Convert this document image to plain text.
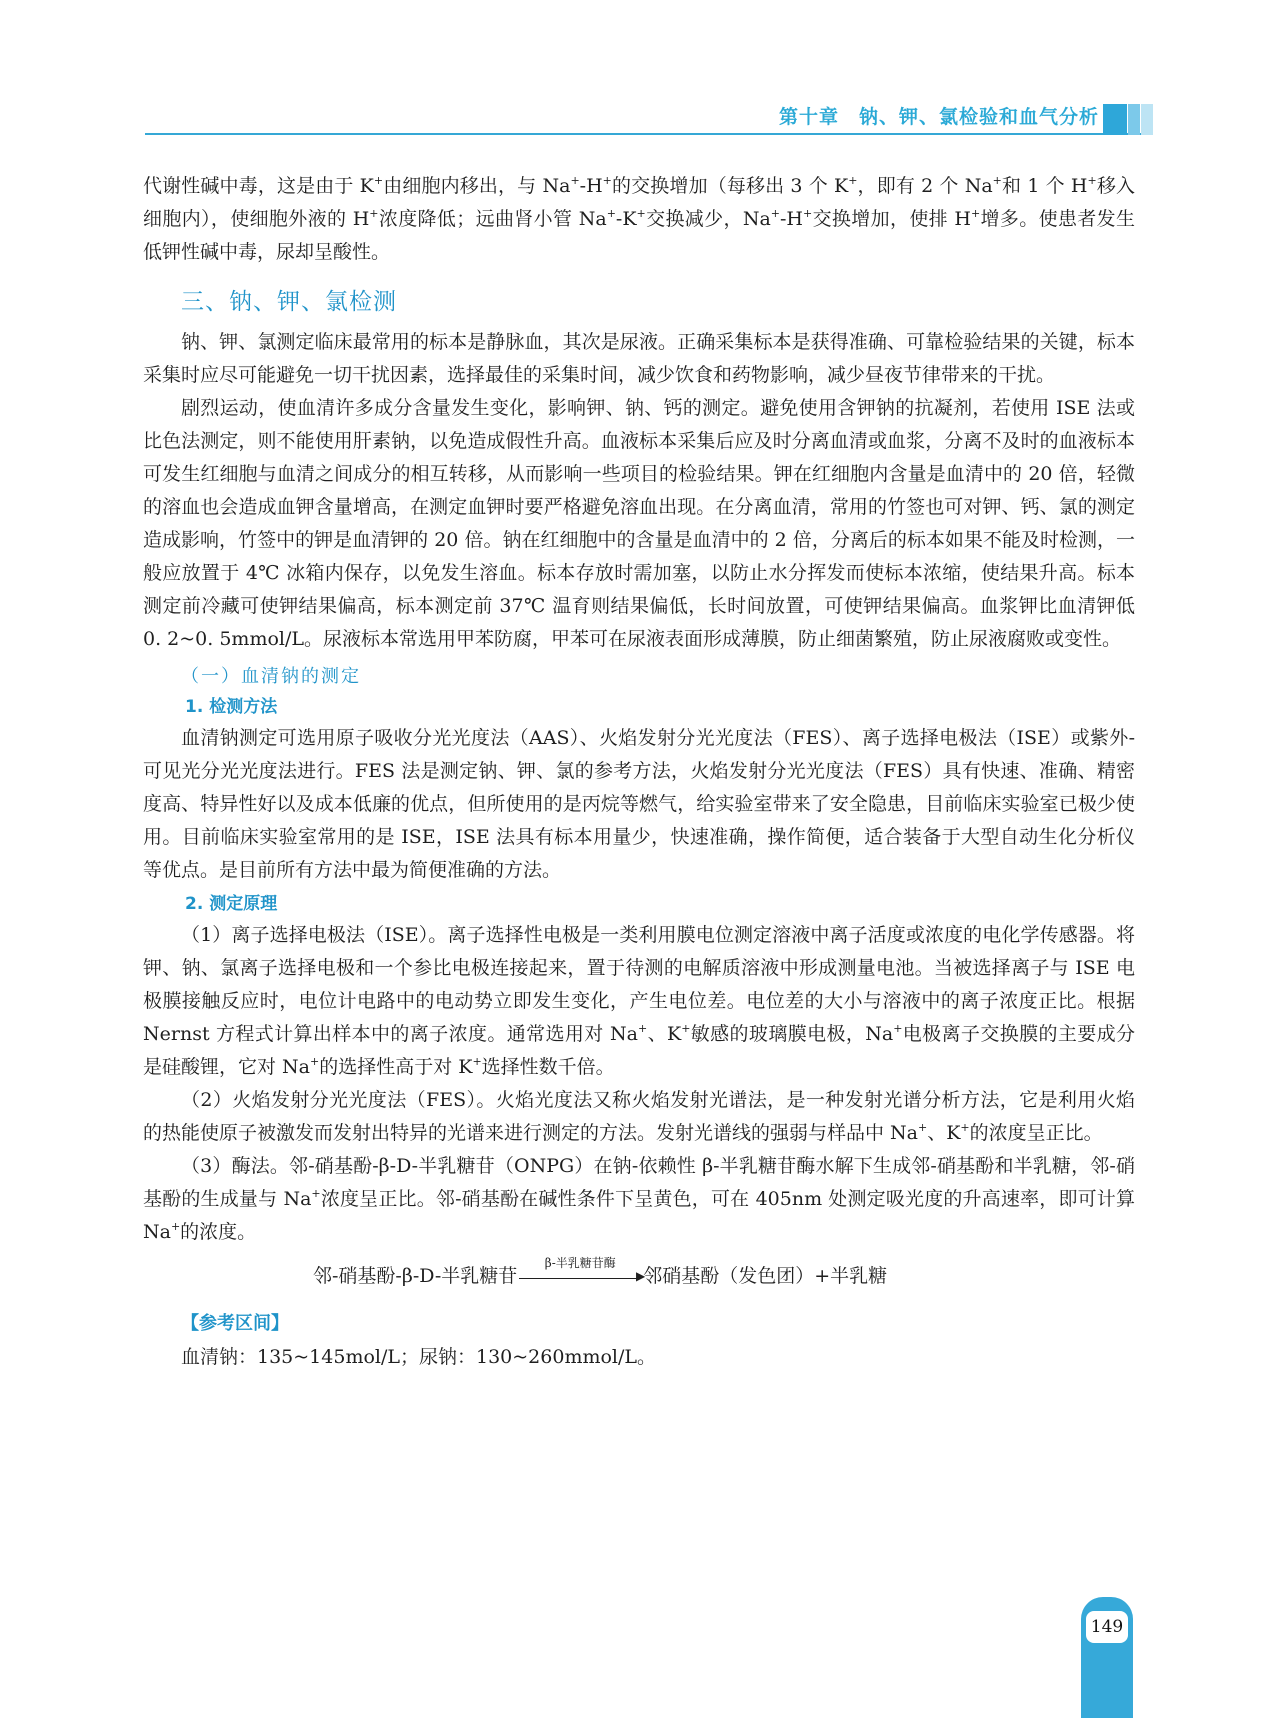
第十章　钠、钾、氯检验和血气分析

代谢性碱中毒，这是由于 K+由细胞内移出，与 Na+-H+的交换增加（每移出 3 个 K+，即有 2 个 Na+和 1 个 H+移入细胞内），使细胞外液的 H+浓度降低；远曲肾小管 Na+-K+交换减少，Na+-H+交换增加，使排 H+增多。使患者发生低钾性碱中毒，尿却呈酸性。

三、钠、钾、氯检测

钠、钾、氯测定临床最常用的标本是静脉血，其次是尿液。正确采集标本是获得准确、可靠检验结果的关键，标本采集时应尽可能避免一切干扰因素，选择最佳的采集时间，减少饮食和药物影响，减少昼夜节律带来的干扰。

剧烈运动，使血清许多成分含量发生变化，影响钾、钠、钙的测定。避免使用含钾钠的抗凝剂，若使用 ISE 法或比色法测定，则不能使用肝素钠，以免造成假性升高。血液标本采集后应及时分离血清或血浆，分离不及时的血液标本可发生红细胞与血清之间成分的相互转移，从而影响一些项目的检验结果。钾在红细胞内含量是血清中的 20 倍，轻微的溶血也会造成血钾含量增高，在测定血钾时要严格避免溶血出现。在分离血清，常用的竹签也可对钾、钙、氯的测定造成影响，竹签中的钾是血清钾的 20 倍。钠在红细胞中的含量是血清中的 2 倍，分离后的标本如果不能及时检测，一般应放置于 4℃ 冰箱内保存，以免发生溶血。标本存放时需加塞，以防止水分挥发而使标本浓缩，使结果升高。标本测定前冷藏可使钾结果偏高，标本测定前 37℃ 温育则结果偏低，长时间放置，可使钾结果偏高。血浆钾比血清钾低 0. 2~0. 5mmol/L。尿液标本常选用甲苯防腐，甲苯可在尿液表面形成薄膜，防止细菌繁殖，防止尿液腐败或变性。

（一）血清钠的测定
1. 检测方法

血清钠测定可选用原子吸收分光光度法（AAS）、火焰发射分光光度法（FES）、离子选择电极法（ISE）或紫外-可见光分光光度法进行。FES 法是测定钠、钾、氯的参考方法，火焰发射分光光度法（FES）具有快速、准确、精密度高、特异性好以及成本低廉的优点，但所使用的是丙烷等燃气，给实验室带来了安全隐患，目前临床实验室已极少使用。目前临床实验室常用的是 ISE，ISE 法具有标本用量少，快速准确，操作简便，适合装备于大型自动生化分析仪等优点。是目前所有方法中最为简便准确的方法。

2. 测定原理

（1）离子选择电极法（ISE）。离子选择性电极是一类利用膜电位测定溶液中离子活度或浓度的电化学传感器。将钾、钠、氯离子选择电极和一个参比电极连接起来，置于待测的电解质溶液中形成测量电池。当被选择离子与 ISE 电极膜接触反应时，电位计电路中的电动势立即发生变化，产生电位差。电位差的大小与溶液中的离子浓度正比。根据 Nernst 方程式计算出样本中的离子浓度。通常选用对 Na+、K+敏感的玻璃膜电极，Na+电极离子交换膜的主要成分是硅酸锂，它对 Na+的选择性高于对 K+选择性数千倍。

（2）火焰发射分光光度法（FES）。火焰光度法又称火焰发射光谱法，是一种发射光谱分析方法，它是利用火焰的热能使原子被激发而发射出特异的光谱来进行测定的方法。发射光谱线的强弱与样品中 Na+、K+的浓度呈正比。

（3）酶法。邻-硝基酚-β-D-半乳糖苷（ONPG）在钠-依赖性 β-半乳糖苷酶水解下生成邻-硝基酚和半乳糖，邻-硝基酚的生成量与 Na+浓度呈正比。邻-硝基酚在碱性条件下呈黄色，可在 405nm 处测定吸光度的升高速率，即可计算 Na+的浓度。

邻-硝基酚-β-D-半乳糖苷
β-半乳糖苷酶
▶
邻硝基酚（发色团）+半乳糖
【参考区间】

血清钠：135~145mol/L；尿钠：130~260mmol/L。

149
